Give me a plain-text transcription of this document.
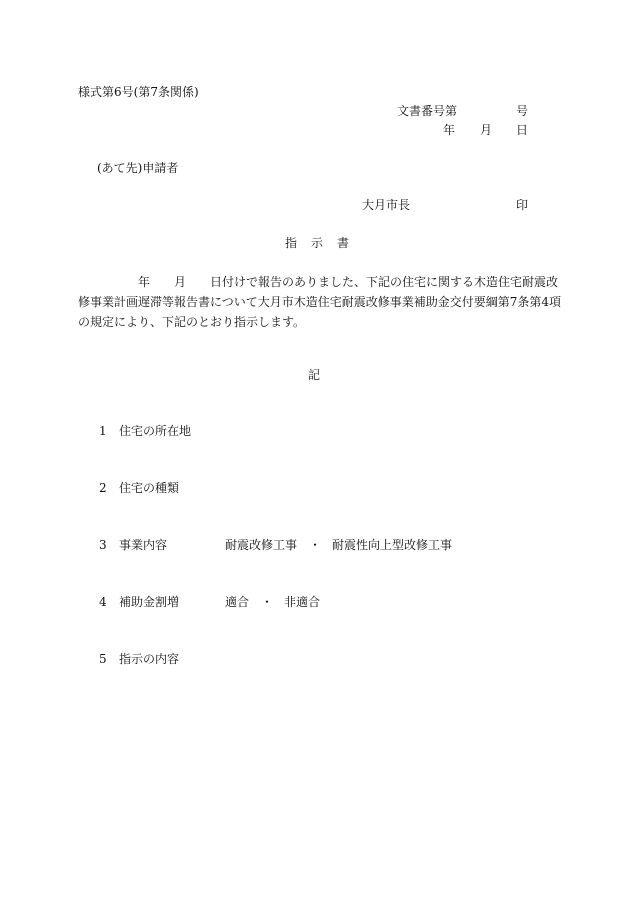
様式第6号(第7条関係)
文書番号第	号
年 月 日
(あて先)申請者
大月市長	印
指 示 書
　　　　　年　　月　　日付けで報告のありました、下記の住宅に関する木造住宅耐震改
修事業計画遅滞等報告書について大月市木造住宅耐震改修事業補助金交付要綱第7条第4項
の規定により、下記のとおり指示します。
記
1 住宅の所在地
2 住宅の種類
3 事業内容	耐震改修工事 ・ 耐震性向上型改修工事
4 補助金割増	適合 ・ 非適合
5 指示の内容
